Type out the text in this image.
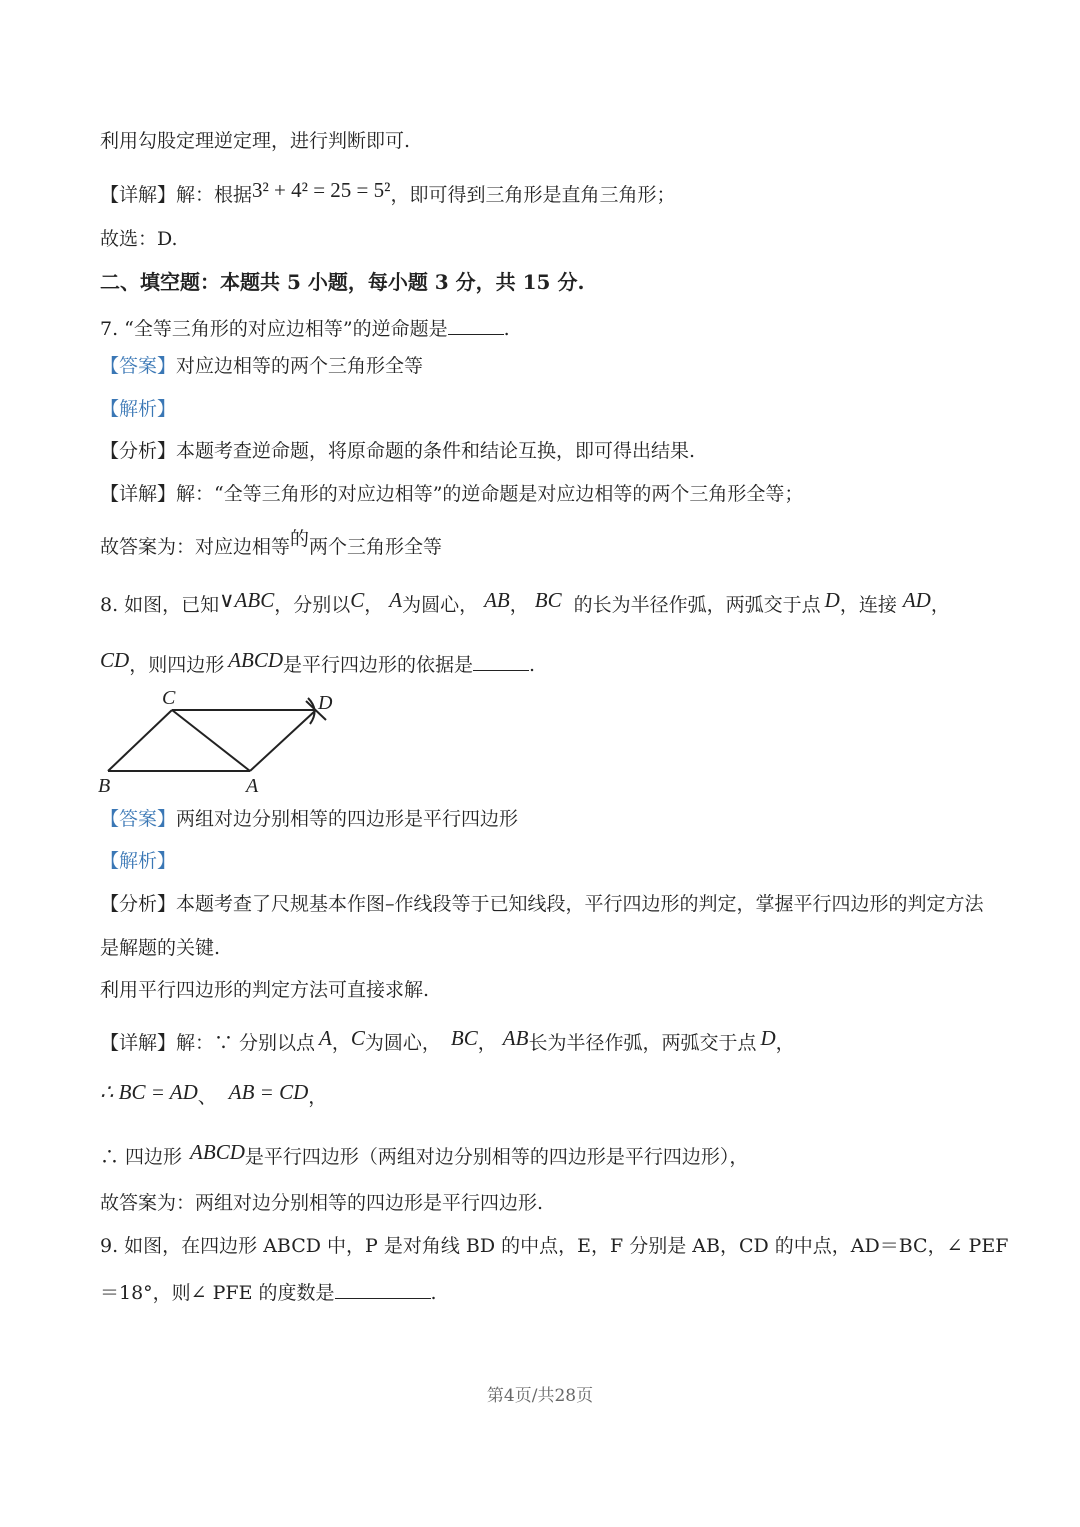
利用勾股定理逆定理，进行判断即可.
【详解】解：根据3² + 4² = 25 = 5²，即可得到三角形是直角三角形；
故选：D.
二、填空题：本题共 5 小题，每小题 3 分，共 15 分.
7. “全等三角形的对应边相等”的逆命题是	.
【答案】对应边相等的两个三角形全等
【解析】
【分析】本题考查逆命题，将原命题的条件和结论互换，即可得出结果.
【详解】解：“全等三角形的对应边相等”的逆命题是对应边相等的两个三角形全等；
故答案为：对应边相等的两个三角形全等
8. 如图，已知∨ABC，分别以C， A为圆心， AB， BC 的长为半径作弧，两弧交于点 D，连接 AD，
CD，则四边形 ABCD是平行四边形的依据是	.
B	A
C	D
【答案】两组对边分别相等的四边形是平行四边形
【解析】
【分析】本题考查了尺规基本作图–作线段等于已知线段，平行四边形的判定，掌握平行四边形的判定方法
是解题的关键.
利用平行四边形的判定方法可直接求解.
【详解】解：∵ 分别以点 A，C为圆心， BC， AB长为半径作弧，两弧交于点 D，
∴ BC = AD、 AB = CD，
∴ 四边形 ABCD是平行四边形（两组对边分别相等的四边形是平行四边形），
故答案为：两组对边分别相等的四边形是平行四边形.
9. 如图，在四边形 ABCD 中，P 是对角线 BD 的中点，E，F 分别是 AB，CD 的中点，AD＝BC，∠ PEF
＝18°，则∠ PFE 的度数是	.
第4页/共28页
